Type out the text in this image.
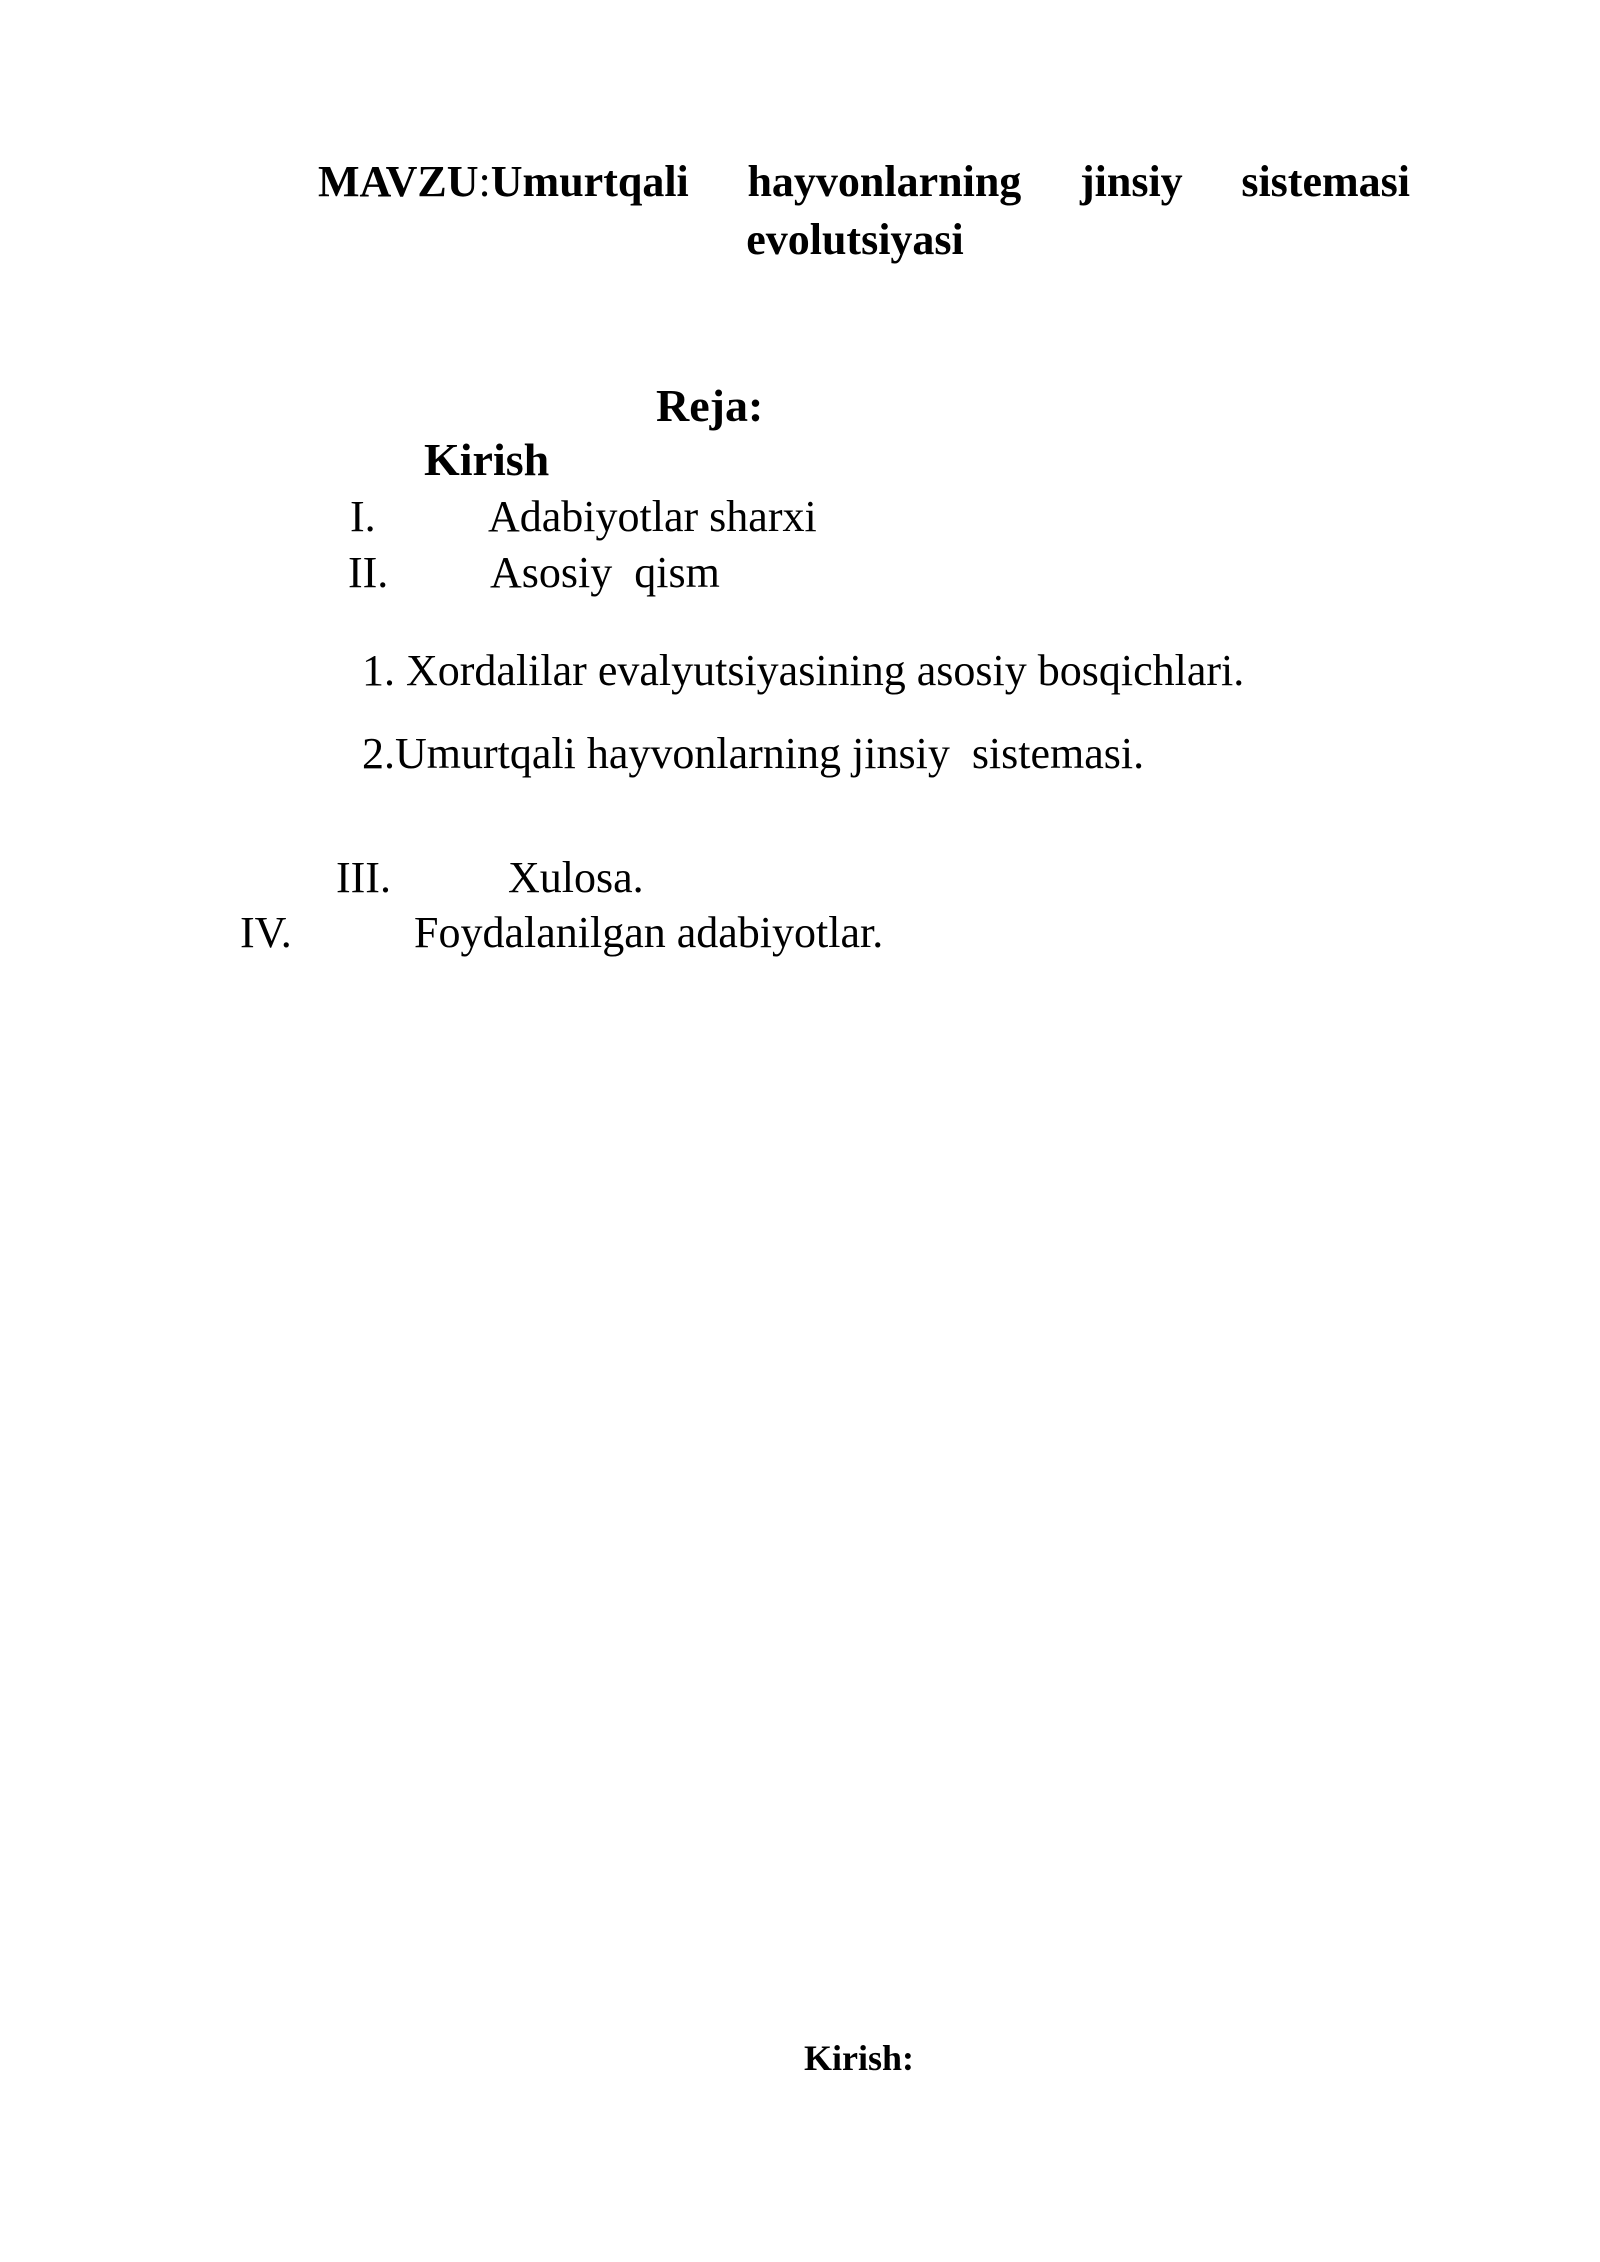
MAVZU:Umurtqali hayvonlarning jinsiy sistemasi
evolutsiyasi
Reja:
Kirish
I.	Adabiyotlar sharxi
II. Asosiy  qism
1. Xordalilar evalyutsiyasining asosiy bosqichlari.
2.Umurtqali hayvonlarning jinsiy  sistemasi.
III.	Xulosa.
IV.	Foydalanilgan adabiyotlar.
Kirish:
